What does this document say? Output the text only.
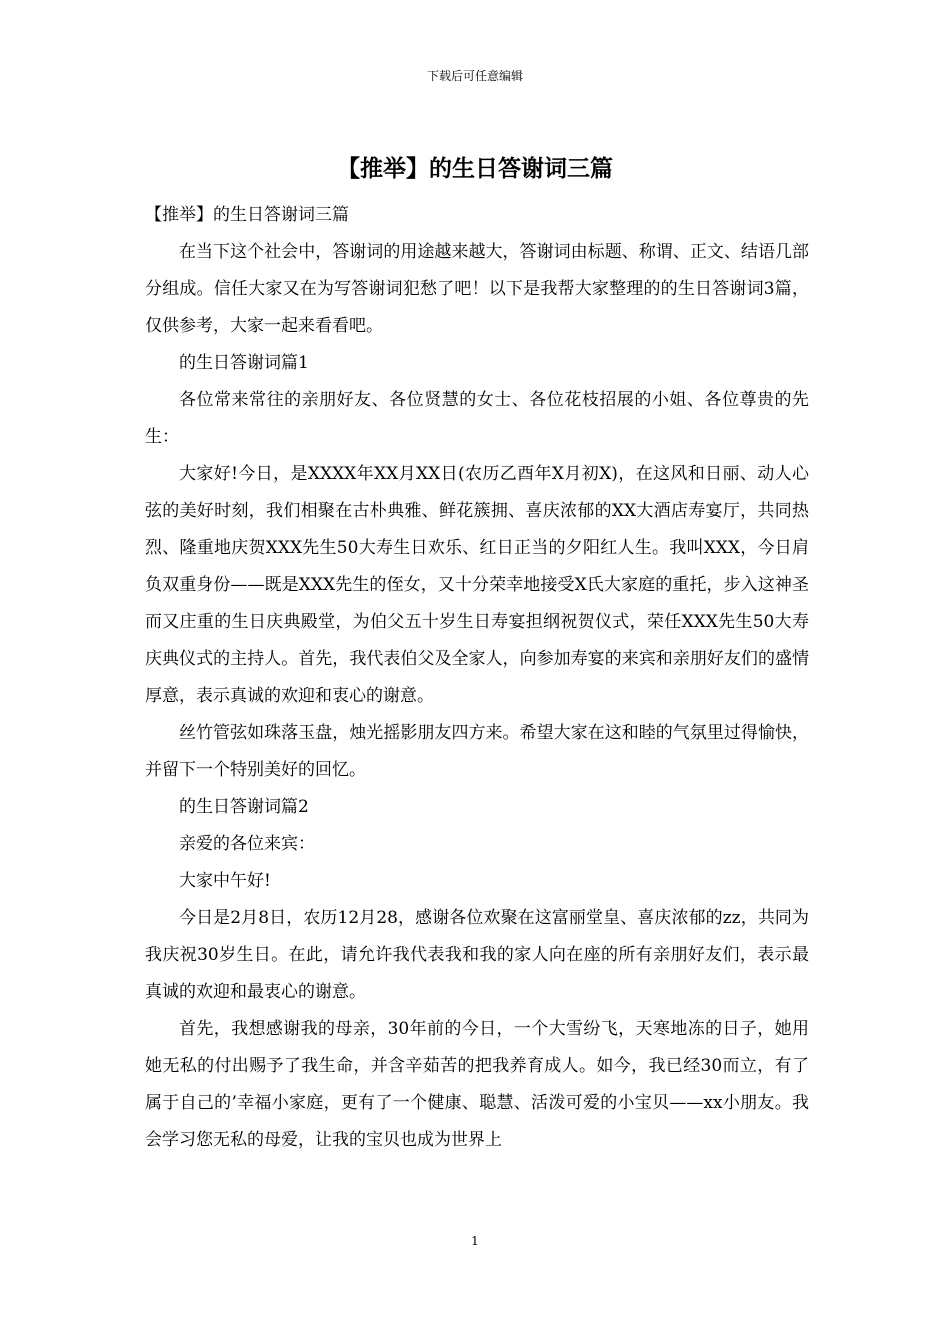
下载后可任意编辑
【推举】的生日答谢词三篇

【推举】的生日答谢词三篇

在当下这个社会中，答谢词的用途越来越大，答谢词由标题、称谓、正文、结语几部分组成。信任大家又在为写答谢词犯愁了吧！以下是我帮大家整理的的生日答谢词3篇，仅供参考，大家一起来看看吧。

的生日答谢词篇1

各位常来常往的亲朋好友、各位贤慧的女士、各位花枝招展的小姐、各位尊贵的先生：

大家好!今日，是XXXX年XX月XX日(农历乙酉年X月初X)，在这风和日丽、动人心弦的美好时刻，我们相聚在古朴典雅、鲜花簇拥、喜庆浓郁的XX大酒店寿宴厅，共同热烈、隆重地庆贺XXX先生50大寿生日欢乐、红日正当的夕阳红人生。我叫XXX，今日肩负双重身份——既是XXX先生的侄女，又十分荣幸地接受X氏大家庭的重托，步入这神圣而又庄重的生日庆典殿堂，为伯父五十岁生日寿宴担纲祝贺仪式，荣任XXX先生50大寿庆典仪式的主持人。首先，我代表伯父及全家人，向参加寿宴的来宾和亲朋好友们的盛情厚意，表示真诚的欢迎和衷心的谢意。

丝竹管弦如珠落玉盘，烛光摇影朋友四方来。希望大家在这和睦的气氛里过得愉快，并留下一个特别美好的回忆。

的生日答谢词篇2

亲爱的各位来宾：

大家中午好!

今日是2月8日，农历12月28，感谢各位欢聚在这富丽堂皇、喜庆浓郁的zz，共同为我庆祝30岁生日。在此，请允许我代表我和我的家人向在座的所有亲朋好友们，表示最真诚的欢迎和最衷心的谢意。

首先，我想感谢我的母亲，30年前的今日，一个大雪纷飞，天寒地冻的日子，她用她无私的付出赐予了我生命，并含辛茹苦的把我养育成人。如今，我已经30而立，有了属于自己的’幸福小家庭，更有了一个健康、聪慧、活泼可爱的小宝贝——xx小朋友。我会学习您无私的母爱，让我的宝贝也成为世界上

1
